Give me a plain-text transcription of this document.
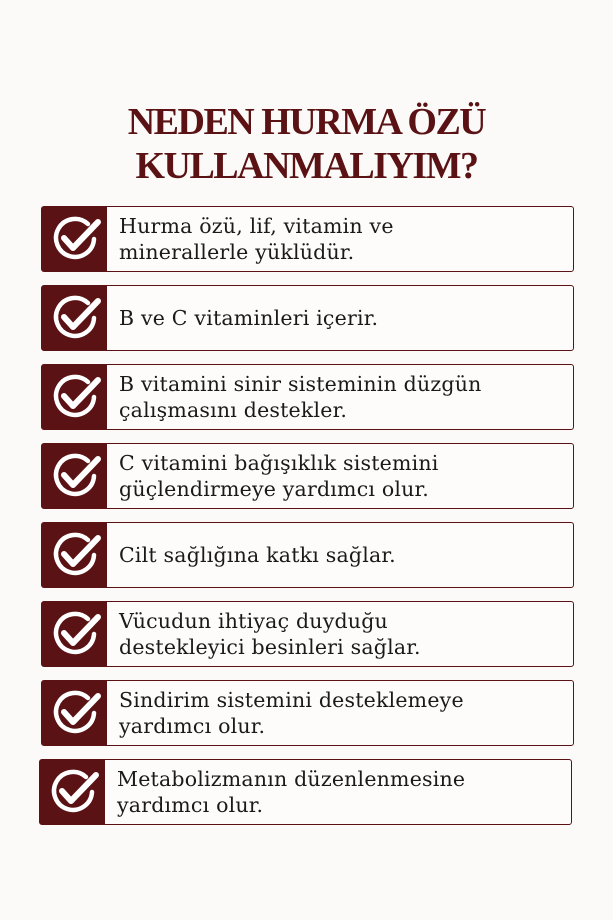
NEDEN HURMA ÖZÜ
KULLANMALIYIM?
Hurma özü, lif, vitamin ve
minerallerle yüklüdür.
B ve C vitaminleri içerir.
B vitamini sinir sisteminin düzgün
çalışmasını destekler.
C vitamini bağışıklık sistemini
güçlendirmeye yardımcı olur.
Cilt sağlığına katkı sağlar.
Vücudun ihtiyaç duyduğu
destekleyici besinleri sağlar.
Sindirim sistemini desteklemeye
yardımcı olur.
Metabolizmanın düzenlenmesine
yardımcı olur.
